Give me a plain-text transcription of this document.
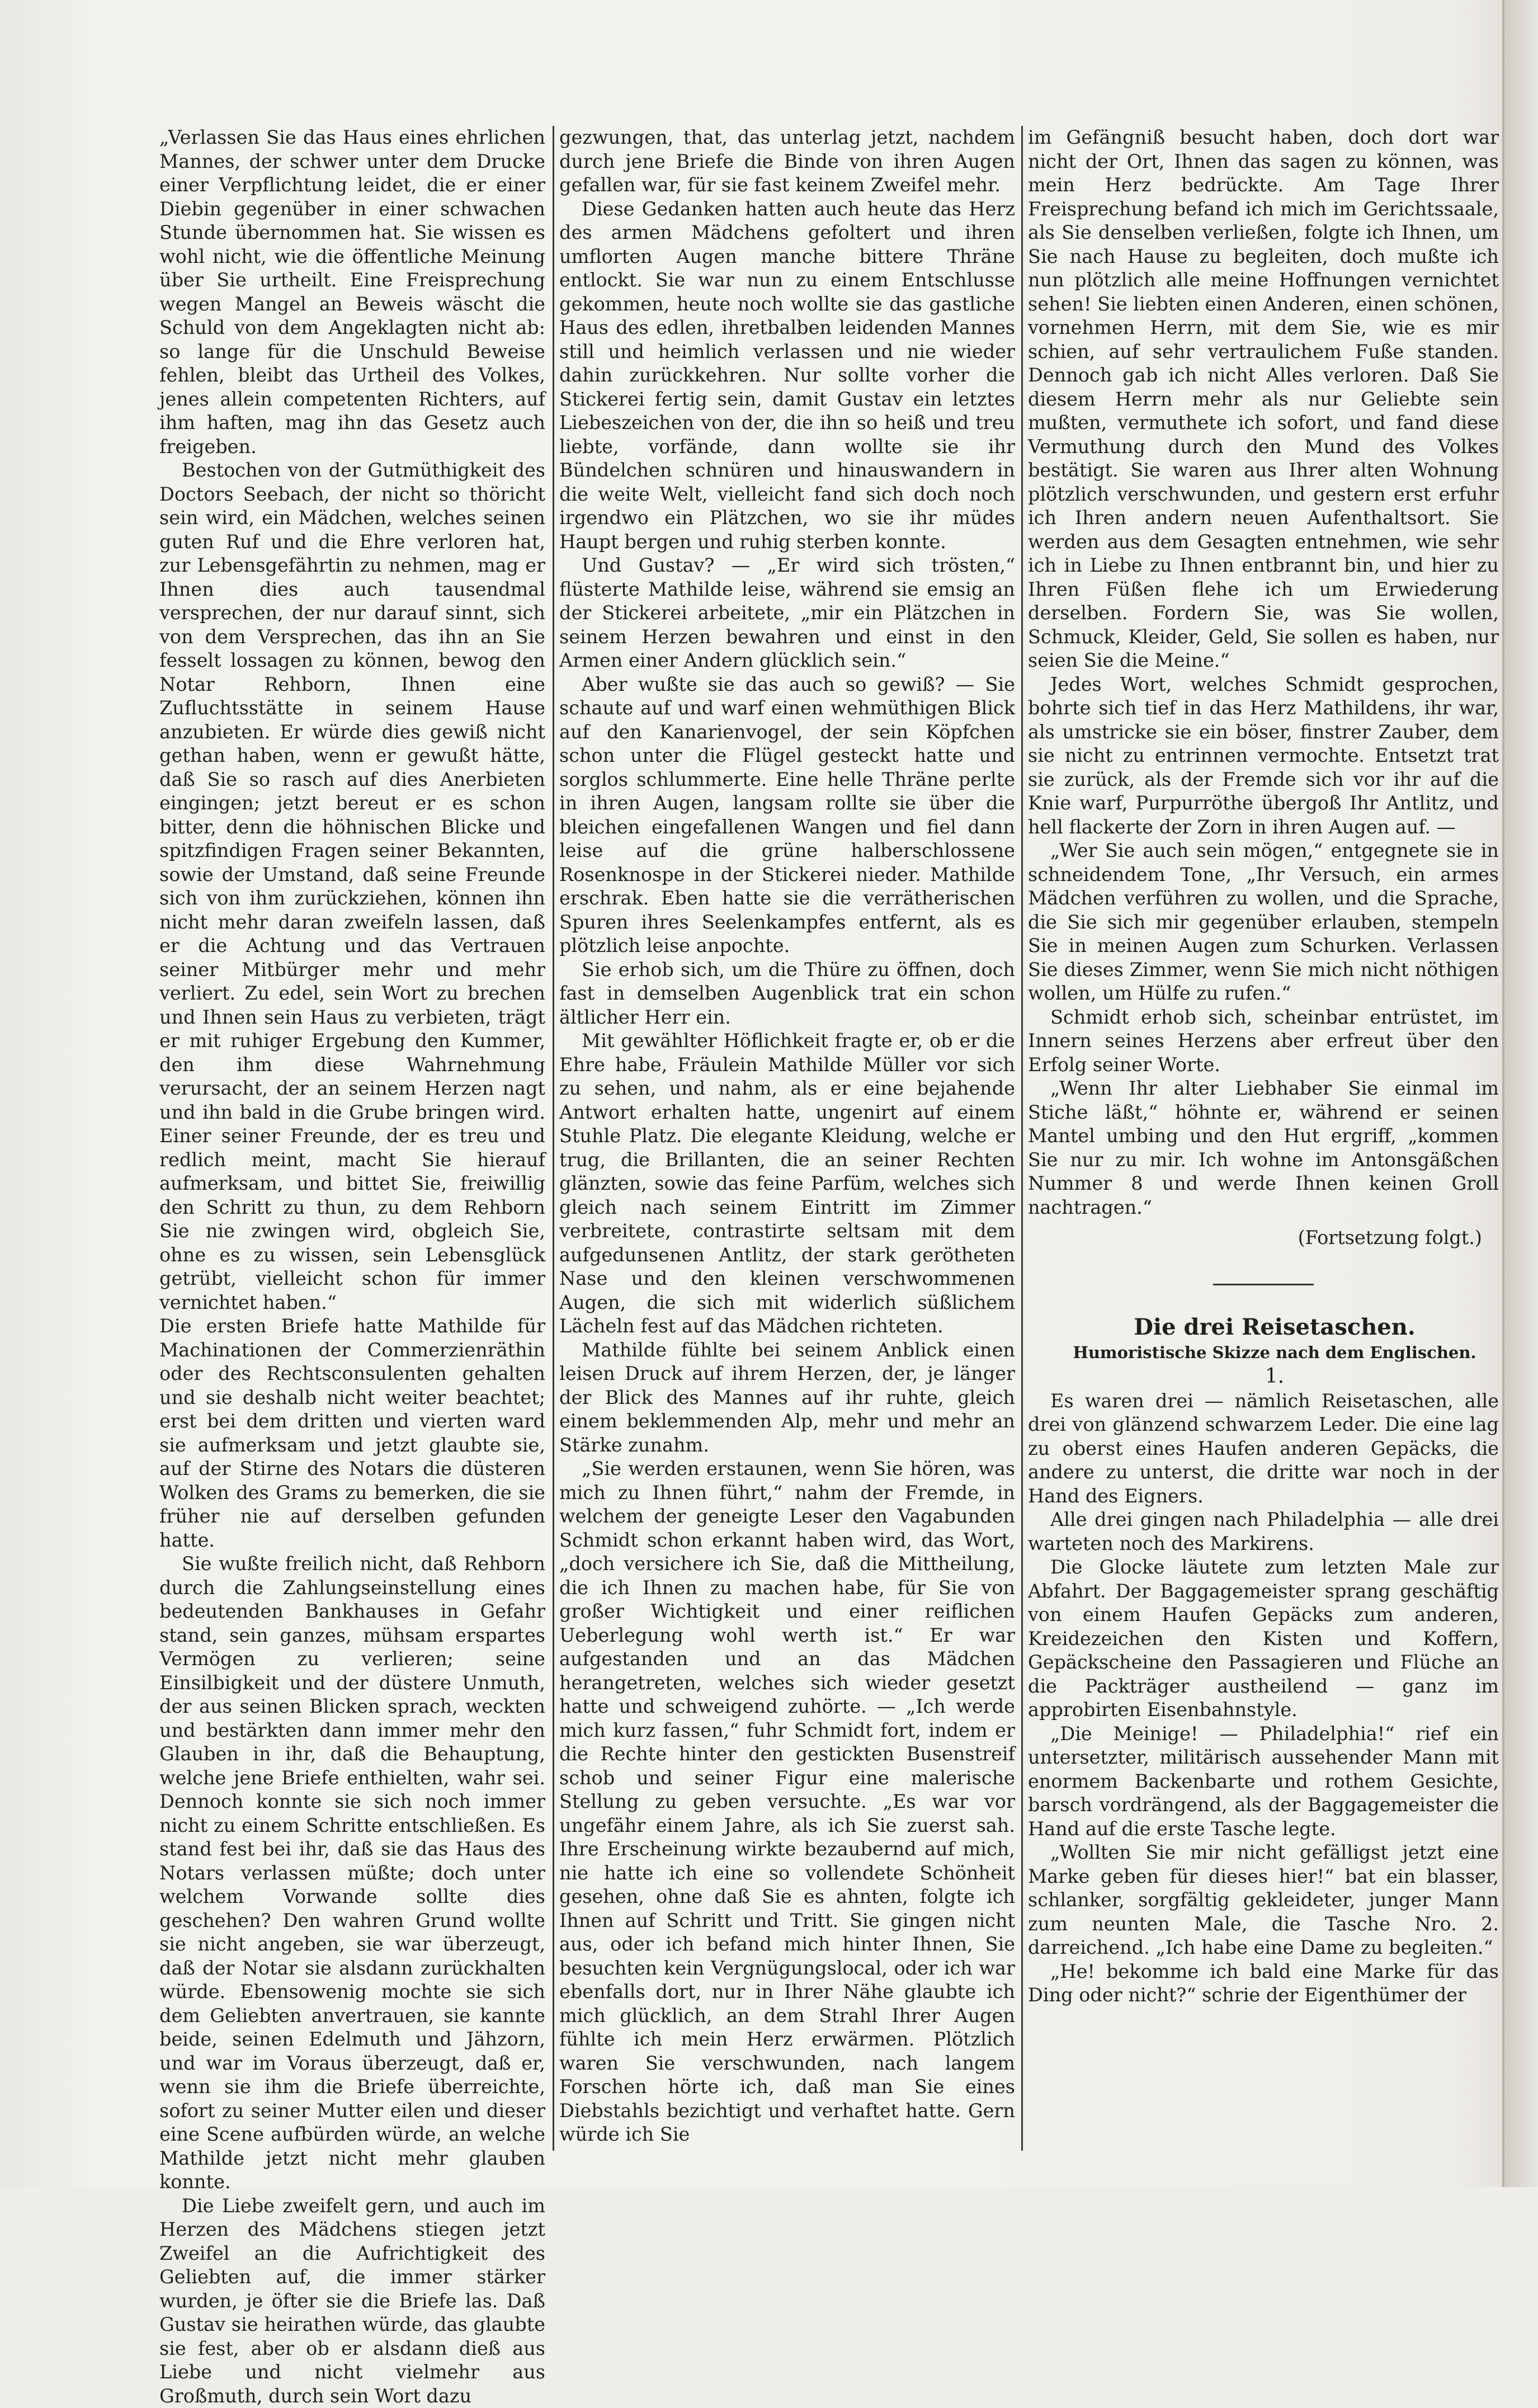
„Verlassen Sie das Haus eines ehrlichen Mannes, der schwer unter dem Drucke einer Verpflichtung leidet, die er einer Diebin gegenüber in einer schwachen Stunde übernommen hat. Sie wissen es wohl nicht, wie die öffentliche Meinung über Sie urtheilt. Eine Freisprechung wegen Mangel an Beweis wäscht die Schuld von dem Angeklagten nicht ab: so lange für die Unschuld Beweise fehlen, bleibt das Urtheil des Volkes, jenes allein competenten Richters, auf ihm haften, mag ihn das Gesetz auch freigeben.

Bestochen von der Gutmüthigkeit des Doctors Seebach, der nicht so thöricht sein wird, ein Mädchen, welches seinen guten Ruf und die Ehre verloren hat, zur Lebensgefährtin zu nehmen, mag er Ihnen dies auch tausendmal versprechen, der nur darauf sinnt, sich von dem Versprechen, das ihn an Sie fesselt lossagen zu können, bewog den Notar Rehborn, Ihnen eine Zufluchtsstätte in seinem Hause anzubieten. Er würde dies gewiß nicht gethan haben, wenn er gewußt hätte, daß Sie so rasch auf dies Anerbieten eingingen; jetzt bereut er es schon bitter, denn die höhnischen Blicke und spitzfindigen Fragen seiner Bekannten, sowie der Umstand, daß seine Freunde sich von ihm zurückziehen, können ihn nicht mehr daran zweifeln lassen, daß er die Achtung und das Vertrauen seiner Mitbürger mehr und mehr verliert. Zu edel, sein Wort zu brechen und Ihnen sein Haus zu verbieten, trägt er mit ruhiger Ergebung den Kummer, den ihm diese Wahrnehmung verursacht, der an seinem Herzen nagt und ihn bald in die Grube bringen wird. Einer seiner Freunde, der es treu und redlich meint, macht Sie hierauf aufmerksam, und bittet Sie, freiwillig den Schritt zu thun, zu dem Rehborn Sie nie zwingen wird, obgleich Sie, ohne es zu wissen, sein Lebensglück getrübt, vielleicht schon für immer vernichtet haben.“

Die ersten Briefe hatte Mathilde für Machinationen der Commerzienräthin oder des Rechtsconsulenten gehalten und sie deshalb nicht weiter beachtet; erst bei dem dritten und vierten ward sie aufmerksam und jetzt glaubte sie, auf der Stirne des Notars die düsteren Wolken des Grams zu bemerken, die sie früher nie auf derselben gefunden hatte.

Sie wußte freilich nicht, daß Rehborn durch die Zahlungseinstellung eines bedeutenden Bankhauses in Gefahr stand, sein ganzes, mühsam erspartes Vermögen zu verlieren; seine Einsilbigkeit und der düstere Unmuth, der aus seinen Blicken sprach, weckten und bestärkten dann immer mehr den Glauben in ihr, daß die Behauptung, welche jene Briefe enthielten, wahr sei. Dennoch konnte sie sich noch immer nicht zu einem Schritte entschließen. Es stand fest bei ihr, daß sie das Haus des Notars verlassen müßte; doch unter welchem Vorwande sollte dies geschehen? Den wahren Grund wollte sie nicht angeben, sie war überzeugt, daß der Notar sie alsdann zurückhalten würde. Ebensowenig mochte sie sich dem Geliebten anvertrauen, sie kannte beide, seinen Edelmuth und Jähzorn, und war im Voraus überzeugt, daß er, wenn sie ihm die Briefe überreichte, sofort zu seiner Mutter eilen und dieser eine Scene aufbürden würde, an welche Mathilde jetzt nicht mehr glauben konnte.

Die Liebe zweifelt gern, und auch im Herzen des Mädchens stiegen jetzt Zweifel an die Aufrichtigkeit des Geliebten auf, die immer stärker wurden, je öfter sie die Briefe las. Daß Gustav sie heirathen würde, das glaubte sie fest, aber ob er alsdann dieß aus Liebe und nicht vielmehr aus Großmuth, durch sein Wort dazu

gezwungen, that, das unterlag jetzt, nachdem durch jene Briefe die Binde von ihren Augen gefallen war, für sie fast keinem Zweifel mehr.

Diese Gedanken hatten auch heute das Herz des armen Mädchens gefoltert und ihren umflorten Augen manche bittere Thräne entlockt. Sie war nun zu einem Entschlusse gekommen, heute noch wollte sie das gastliche Haus des edlen, ihretbalben leidenden Mannes still und heimlich verlassen und nie wieder dahin zurückkehren. Nur sollte vorher die Stickerei fertig sein, damit Gustav ein letztes Liebeszeichen von der, die ihn so heiß und treu liebte, vorfände, dann wollte sie ihr Bündelchen schnüren und hinauswandern in die weite Welt, vielleicht fand sich doch noch irgendwo ein Plätzchen, wo sie ihr müdes Haupt bergen und ruhig sterben konnte.

Und Gustav? — „Er wird sich trösten,“ flüsterte Mathilde leise, während sie emsig an der Stickerei arbeitete, „mir ein Plätzchen in seinem Herzen bewahren und einst in den Armen einer Andern glücklich sein.“

Aber wußte sie das auch so gewiß? — Sie schaute auf und warf einen wehmüthigen Blick auf den Kanarienvogel, der sein Köpfchen schon unter die Flügel gesteckt hatte und sorglos schlummerte. Eine helle Thräne perlte in ihren Augen, langsam rollte sie über die bleichen eingefallenen Wangen und fiel dann leise auf die grüne halberschlossene Rosenknospe in der Stickerei nieder. Mathilde erschrak. Eben hatte sie die verrätherischen Spuren ihres Seelenkampfes entfernt, als es plötzlich leise anpochte.

Sie erhob sich, um die Thüre zu öffnen, doch fast in demselben Augenblick trat ein schon ältlicher Herr ein.

Mit gewählter Höflichkeit fragte er, ob er die Ehre habe, Fräulein Mathilde Müller vor sich zu sehen, und nahm, als er eine bejahende Antwort erhalten hatte, ungenirt auf einem Stuhle Platz. Die elegante Kleidung, welche er trug, die Brillanten, die an seiner Rechten glänzten, sowie das feine Parfüm, welches sich gleich nach seinem Eintritt im Zimmer verbreitete, contrastirte seltsam mit dem aufgedunsenen Antlitz, der stark gerötheten Nase und den kleinen verschwommenen Augen, die sich mit widerlich süßlichem Lächeln fest auf das Mädchen richteten.

Mathilde fühlte bei seinem Anblick einen leisen Druck auf ihrem Herzen, der, je länger der Blick des Mannes auf ihr ruhte, gleich einem beklemmenden Alp, mehr und mehr an Stärke zunahm.

„Sie werden erstaunen, wenn Sie hören, was mich zu Ihnen führt,“ nahm der Fremde, in welchem der geneigte Leser den Vagabunden Schmidt schon erkannt haben wird, das Wort, „doch versichere ich Sie, daß die Mittheilung, die ich Ihnen zu machen habe, für Sie von großer Wichtigkeit und einer reiflichen Ueberlegung wohl werth ist.“ Er war aufgestanden und an das Mädchen herangetreten, welches sich wieder gesetzt hatte und schweigend zuhörte. — „Ich werde mich kurz fassen,“ fuhr Schmidt fort, indem er die Rechte hinter den gestickten Busenstreif schob und seiner Figur eine malerische Stellung zu geben versuchte. „Es war vor ungefähr einem Jahre, als ich Sie zuerst sah. Ihre Erscheinung wirkte bezaubernd auf mich, nie hatte ich eine so vollendete Schönheit gesehen, ohne daß Sie es ahnten, folgte ich Ihnen auf Schritt und Tritt. Sie gingen nicht aus, oder ich befand mich hinter Ihnen, Sie besuchten kein Vergnügungslocal, oder ich war ebenfalls dort, nur in Ihrer Nähe glaubte ich mich glücklich, an dem Strahl Ihrer Augen fühlte ich mein Herz erwärmen. Plötzlich waren Sie verschwunden, nach langem Forschen hörte ich, daß man Sie eines Diebstahls bezichtigt und verhaftet hatte. Gern würde ich Sie

im Gefängniß besucht haben, doch dort war nicht der Ort, Ihnen das sagen zu können, was mein Herz bedrückte. Am Tage Ihrer Freisprechung befand ich mich im Gerichtssaale, als Sie denselben verließen, folgte ich Ihnen, um Sie nach Hause zu begleiten, doch mußte ich nun plötzlich alle meine Hoffnungen vernichtet sehen! Sie liebten einen Anderen, einen schönen, vornehmen Herrn, mit dem Sie, wie es mir schien, auf sehr vertraulichem Fuße standen. Dennoch gab ich nicht Alles verloren. Daß Sie diesem Herrn mehr als nur Geliebte sein mußten, vermuthete ich sofort, und fand diese Vermuthung durch den Mund des Volkes bestätigt. Sie waren aus Ihrer alten Wohnung plötzlich verschwunden, und gestern erst erfuhr ich Ihren andern neuen Aufenthaltsort. Sie werden aus dem Gesagten entnehmen, wie sehr ich in Liebe zu Ihnen entbrannt bin, und hier zu Ihren Füßen flehe ich um Erwiederung derselben. Fordern Sie, was Sie wollen, Schmuck, Kleider, Geld, Sie sollen es haben, nur seien Sie die Meine.“

Jedes Wort, welches Schmidt gesprochen, bohrte sich tief in das Herz Mathildens, ihr war, als umstricke sie ein böser, finstrer Zauber, dem sie nicht zu entrinnen vermochte. Entsetzt trat sie zurück, als der Fremde sich vor ihr auf die Knie warf, Purpurröthe übergoß Ihr Antlitz, und hell flackerte der Zorn in ihren Augen auf. —

„Wer Sie auch sein mögen,“ entgegnete sie in schneidendem Tone, „Ihr Versuch, ein armes Mädchen verführen zu wollen, und die Sprache, die Sie sich mir gegenüber erlauben, stempeln Sie in meinen Augen zum Schurken. Verlassen Sie dieses Zimmer, wenn Sie mich nicht nöthigen wollen, um Hülfe zu rufen.“

Schmidt erhob sich, scheinbar entrüstet, im Innern seines Herzens aber erfreut über den Erfolg seiner Worte.

„Wenn Ihr alter Liebhaber Sie einmal im Stiche läßt,“ höhnte er, während er seinen Mantel umbing und den Hut ergriff, „kommen Sie nur zu mir. Ich wohne im Antonsgäßchen Nummer 8 und werde Ihnen keinen Groll nachtragen.“

(Fortsetzung folgt.)

Die drei Reisetaschen.

Humoristische Skizze nach dem Englischen.

1.

Es waren drei — nämlich Reisetaschen, alle drei von glänzend schwarzem Leder. Die eine lag zu oberst eines Haufen anderen Gepäcks, die andere zu unterst, die dritte war noch in der Hand des Eigners.

Alle drei gingen nach Philadelphia — alle drei warteten noch des Markirens.

Die Glocke läutete zum letzten Male zur Abfahrt. Der Baggagemeister sprang geschäftig von einem Haufen Gepäcks zum anderen, Kreidezeichen den Kisten und Koffern, Gepäckscheine den Passagieren und Flüche an die Packträger austheilend — ganz im approbirten Eisenbahnstyle.

„Die Meinige! — Philadelphia!“ rief ein untersetzter, militärisch aussehender Mann mit enormem Backenbarte und rothem Gesichte, barsch vordrängend, als der Baggagemeister die Hand auf die erste Tasche legte.

„Wollten Sie mir nicht gefälligst jetzt eine Marke geben für dieses hier!“ bat ein blasser, schlanker, sorgfältig gekleideter, junger Mann zum neunten Male, die Tasche Nro. 2. darreichend. „Ich habe eine Dame zu begleiten.“

„He! bekomme ich bald eine Marke für das Ding oder nicht?“ schrie der Eigenthümer der
